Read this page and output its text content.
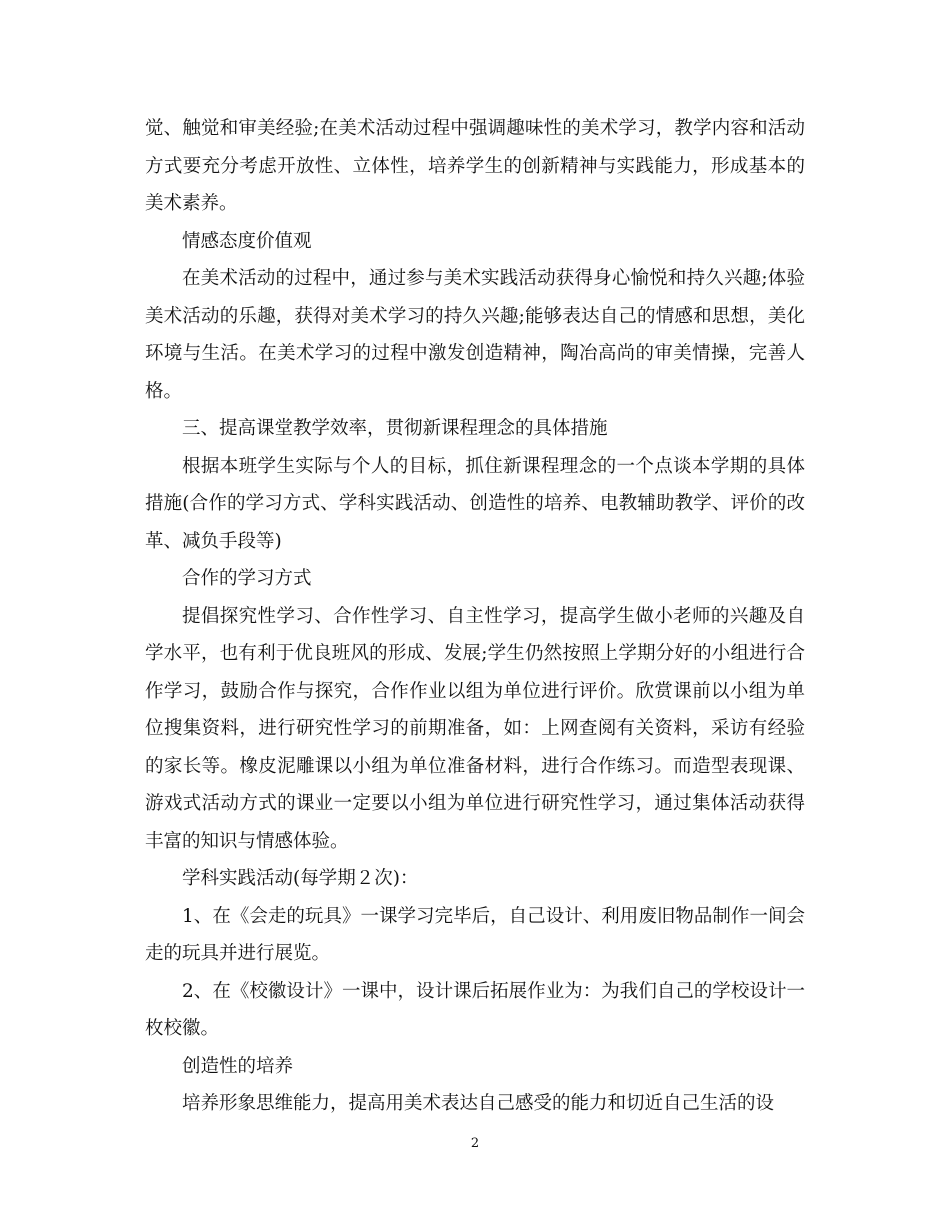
觉、触觉和审美经验;在美术活动过程中强调趣味性的美术学习，教学内容和活动方式要充分考虑开放性、立体性，培养学生的创新精神与实践能力，形成基本的美术素养。

情感态度价值观

在美术活动的过程中，通过参与美术实践活动获得身心愉悦和持久兴趣;体验美术活动的乐趣，获得对美术学习的持久兴趣;能够表达自己的情感和思想，美化环境与生活。在美术学习的过程中激发创造精神，陶冶高尚的审美情操，完善人格。

三、提高课堂教学效率，贯彻新课程理念的具体措施

根据本班学生实际与个人的目标，抓住新课程理念的一个点谈本学期的具体措施(合作的学习方式、学科实践活动、创造性的培养、电教辅助教学、评价的改革、减负手段等)

合作的学习方式

提倡探究性学习、合作性学习、自主性学习，提高学生做小老师的兴趣及自学水平，也有利于优良班风的形成、发展;学生仍然按照上学期分好的小组进行合作学习，鼓励合作与探究，合作作业以组为单位进行评价。欣赏课前以小组为单位搜集资料，进行研究性学习的前期准备，如：上网查阅有关资料，采访有经验的家长等。橡皮泥雕课以小组为单位准备材料，进行合作练习。而造型表现课、游戏式活动方式的课业一定要以小组为单位进行研究性学习，通过集体活动获得丰富的知识与情感体验。

学科实践活动(每学期２次)：

1、在《会走的玩具》一课学习完毕后，自己设计、利用废旧物品制作一间会走的玩具并进行展览。

2、在《校徽设计》一课中，设计课后拓展作业为：为我们自己的学校设计一枚校徽。

创造性的培养

培养形象思维能力，提高用美术表达自己感受的能力和切近自己生活的设

2
